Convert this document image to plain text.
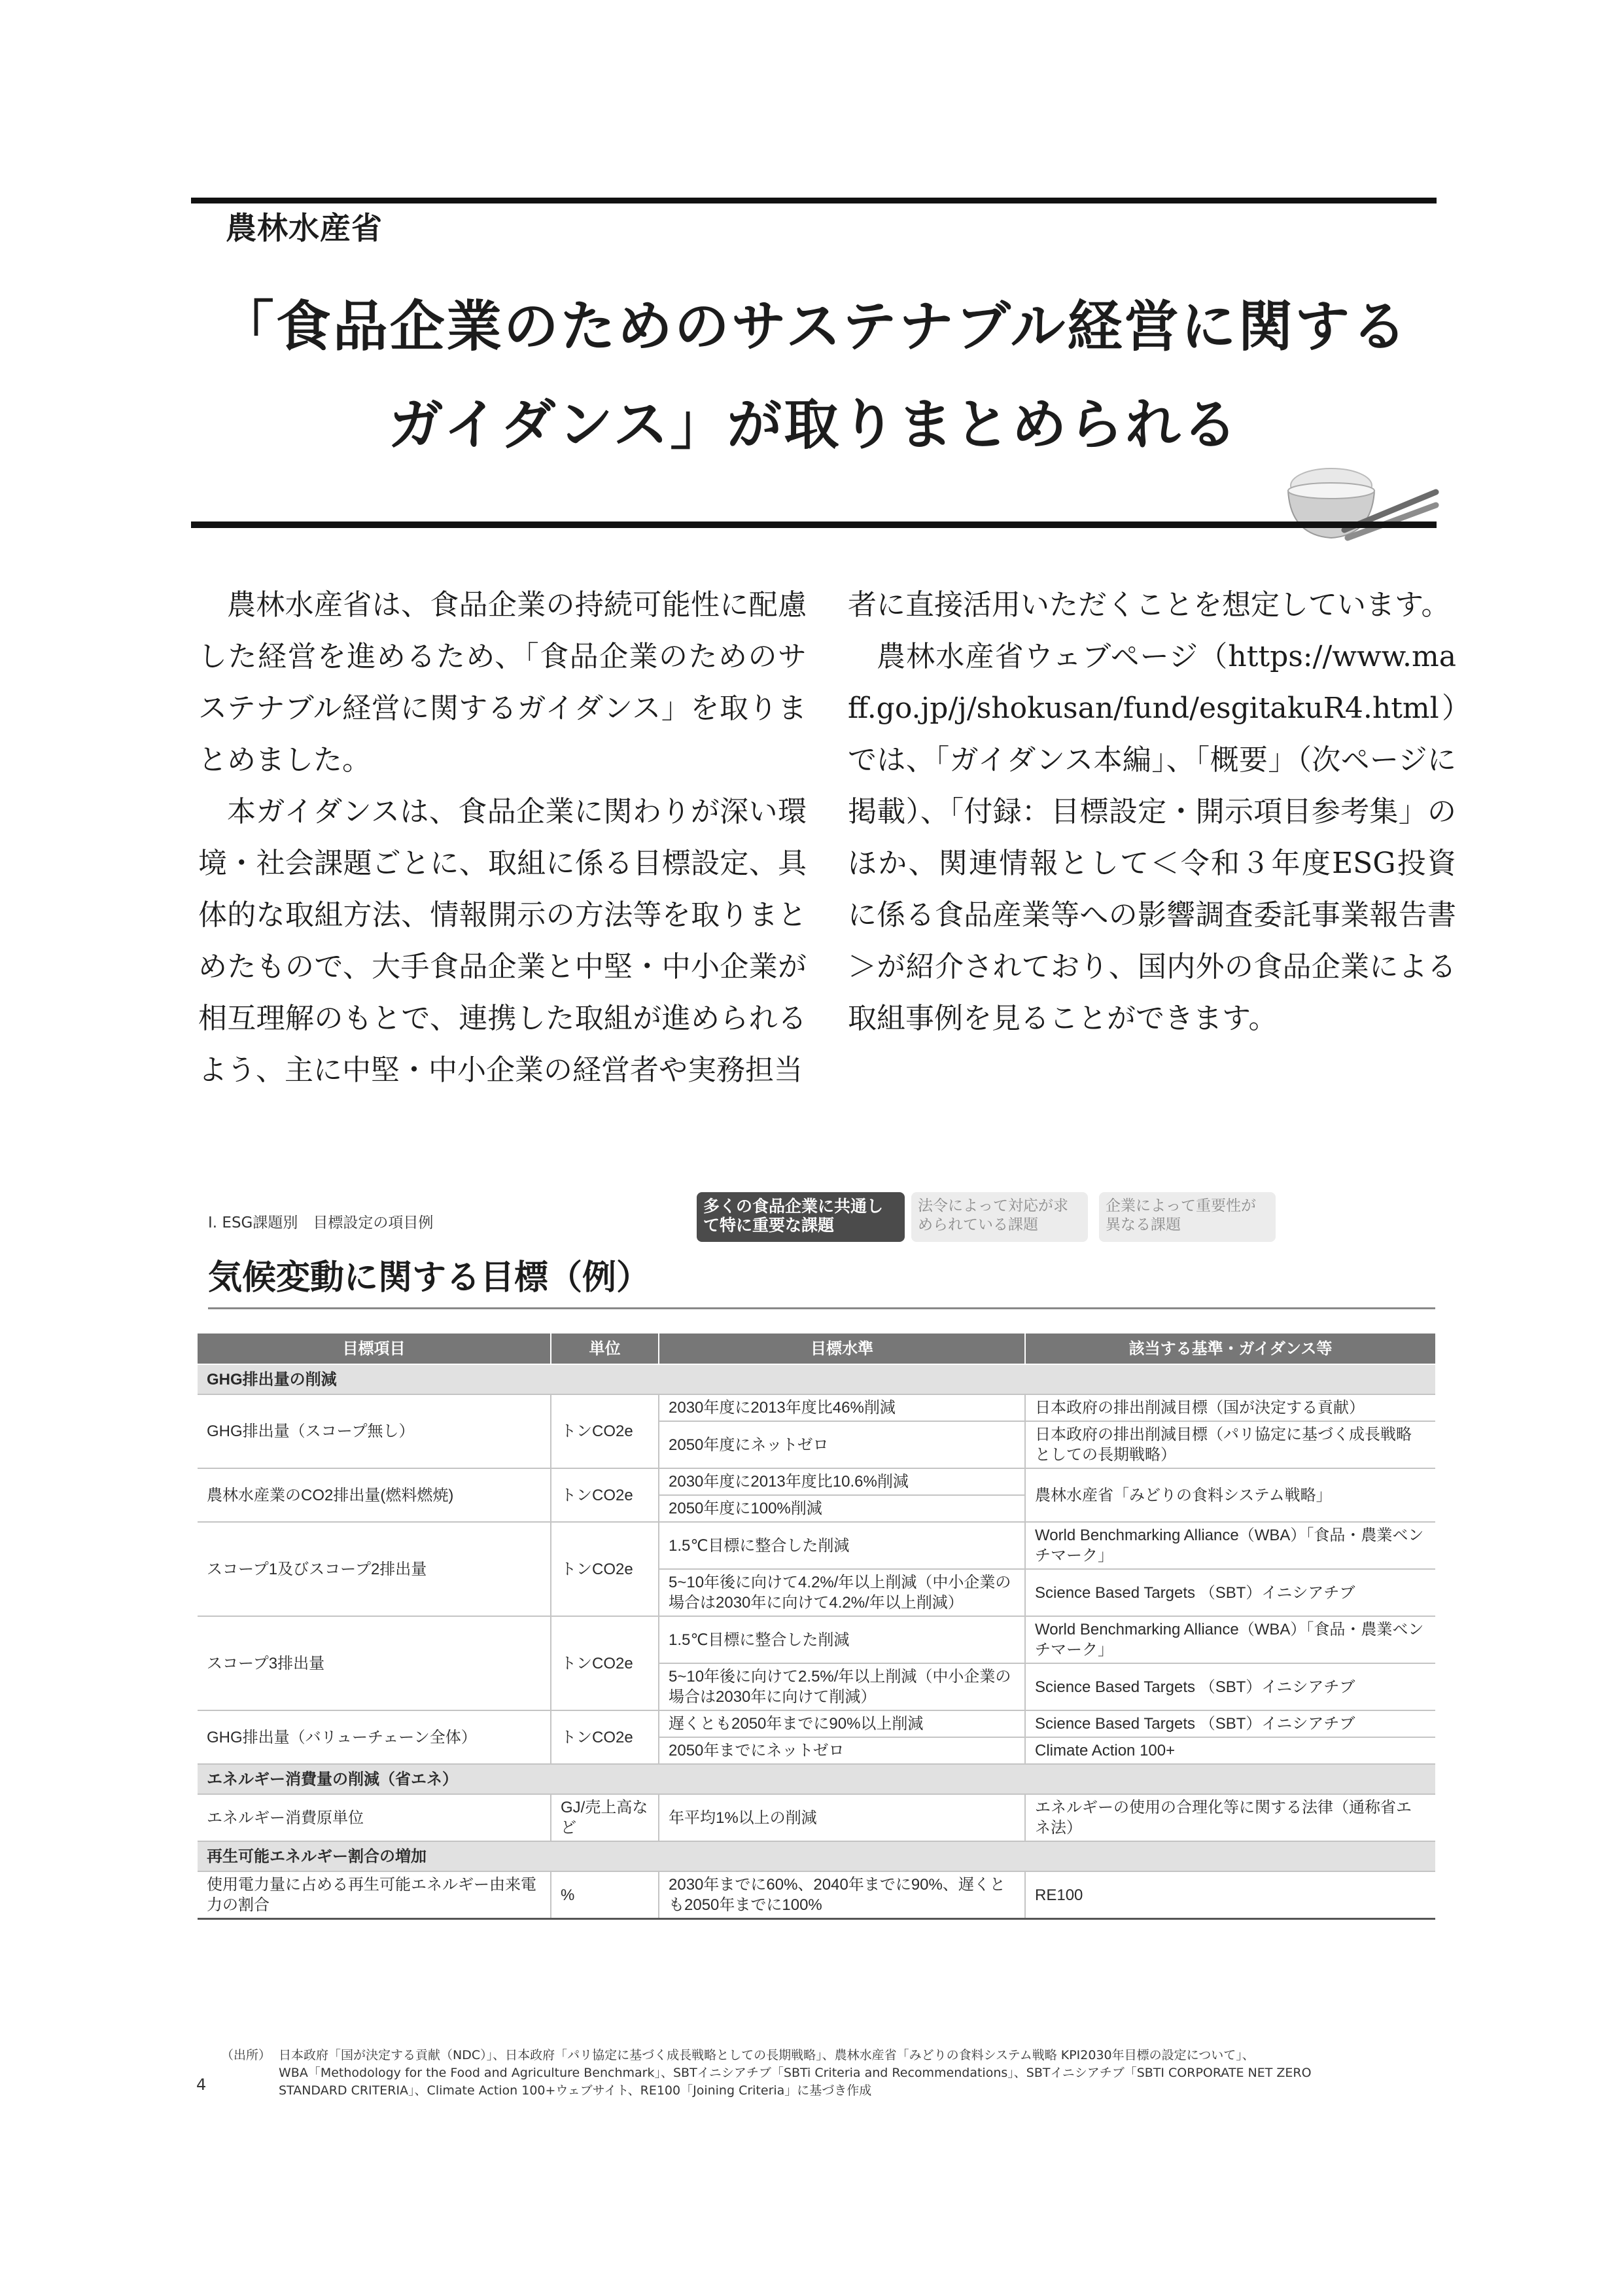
農林水産省
「食品企業のためのサステナブル経営に関する
ガイダンス」が取りまとめられる

農林水産省は、食品企業の持続可能性に配慮した経営を進めるため、「食品企業のためのサステナブル経営に関するガイダンス」を取りまとめました。

本ガイダンスは、食品企業に関わりが深い環境・社会課題ごとに、取組に係る目標設定、具体的な取組方法、情報開示の方法等を取りまとめたもので、大手食品企業と中堅・中小企業が相互理解のもとで、連携した取組が進められるよう、主に中堅・中小企業の経営者や実務担当

者に直接活用いただくことを想定しています。

農林水産省ウェブページ（https://www.maff.go.jp/j/shokusan/fund/esgitakuR4.html）では、「ガイダンス本編」、「概要」（次ページに掲載）、「付録：目標設定・開示項目参考集」のほか、関連情報として＜令和３年度ESG投資に係る食品産業等への影響調査委託事業報告書＞が紹介されており、国内外の食品企業による取組事例を見ることができます。

I. ESG課題別　目標設定の項目例
多くの食品企業に共通して特に重要な課題
法令によって対応が求められている課題
企業によって重要性が異なる課題
気候変動に関する目標（例）
目標項目	単位	目標水準	該当する基準・ガイダンス等
GHG排出量の削減			
GHG排出量（スコープ無し）	トンCO2e	2030年度に2013年度比46%削減	日本政府の排出削減目標（国が決定する貢献）
		2050年度にネットゼロ	日本政府の排出削減目標（パリ協定に基づく成長戦略としての長期戦略）
農林水産業のCO2排出量(燃料燃焼)	トンCO2e	2030年度に2013年度比10.6%削減	農林水産省「みどりの食料システム戦略」
		2050年度に100%削減	
スコープ1及びスコープ2排出量	トンCO2e	1.5℃目標に整合した削減	World Benchmarking Alliance（WBA）「食品・農業ベンチマーク」
		5~10年後に向けて4.2%/年以上削減（中小企業の場合は2030年に向けて4.2%/年以上削減）	Science Based Targets （SBT）イニシアチブ
スコープ3排出量	トンCO2e	1.5℃目標に整合した削減	World Benchmarking Alliance（WBA）「食品・農業ベンチマーク」
		5~10年後に向けて2.5%/年以上削減（中小企業の場合は2030年に向けて削減）	Science Based Targets （SBT）イニシアチブ
GHG排出量（バリューチェーン全体）	トンCO2e	遅くとも2050年までに90%以上削減	Science Based Targets （SBT）イニシアチブ
		2050年までにネットゼロ	Climate Action 100+
エネルギー消費量の削減（省エネ）			
エネルギー消費原単位	GJ/売上高など	年平均1%以上の削減	エネルギーの使用の合理化等に関する法律（通称省エネ法）
再生可能エネルギー割合の増加			
使用電力量に占める再生可能エネルギー由来電力の割合	%	2030年までに60%、2040年までに90%、遅くとも2050年までに100%	RE100
（出所） 日本政府「国が決定する貢献（NDC）」、日本政府「パリ協定に基づく成長戦略としての長期戦略」、農林水産省「みどりの食料システム戦略 KPI2030年目標の設定について」、
WBA「Methodology for the Food and Agriculture Benchmark」、SBTイニシアチブ「SBTi Criteria and Recommendations」、SBTイニシアチブ「SBTI CORPORATE NET ZERO
STANDARD CRITERIA」、Climate Action 100+ウェブサイト、RE100「Joining Criteria」に基づき作成
4
